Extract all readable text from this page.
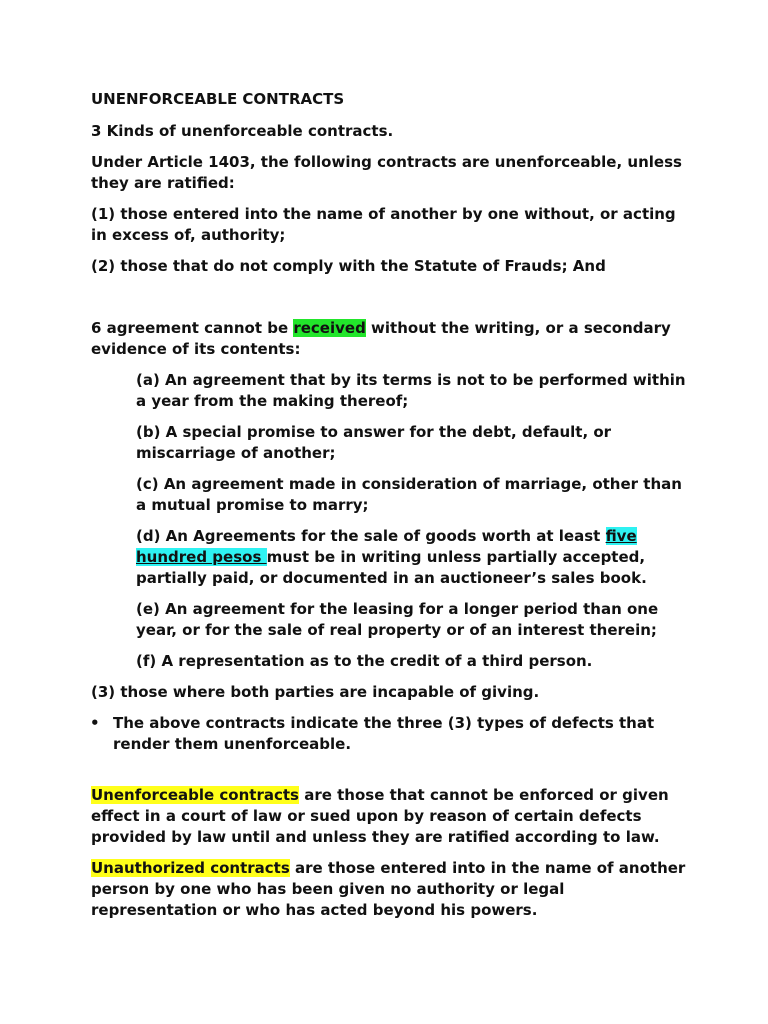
UNENFORCEABLE CONTRACTS

3 Kinds of unenforceable contracts.

Under Article 1403, the following contracts are unenforceable, unless they are ratified:

(1) those entered into the name of another by one without, or acting in excess of, authority;

(2) those that do not comply with the Statute of Frauds; And

6 agreement cannot be received without the writing, or a secondary evidence of its contents:

(a) An agreement that by its terms is not to be performed within a year from the making thereof;

(b) A special promise to answer for the debt, default, or miscarriage of another;

(c) An agreement made in consideration of marriage, other than a mutual promise to marry;

(d) An Agreements for the sale of goods worth at least five hundred pesos must be in writing unless partially accepted, partially paid, or documented in an auctioneer’s sales book.

(e) An agreement for the leasing for a longer period than one year, or for the sale of real property or of an interest therein;

(f) A representation as to the credit of a third person.

(3) those where both parties are incapable of giving.

• The above contracts indicate the three (3) types of defects that render them unenforceable.

Unenforceable contracts are those that cannot be enforced or given effect in a court of law or sued upon by reason of certain defects provided by law until and unless they are ratified according to law.

Unauthorized contracts are those entered into in the name of another person by one who has been given no authority or legal representation or who has acted beyond his powers.
